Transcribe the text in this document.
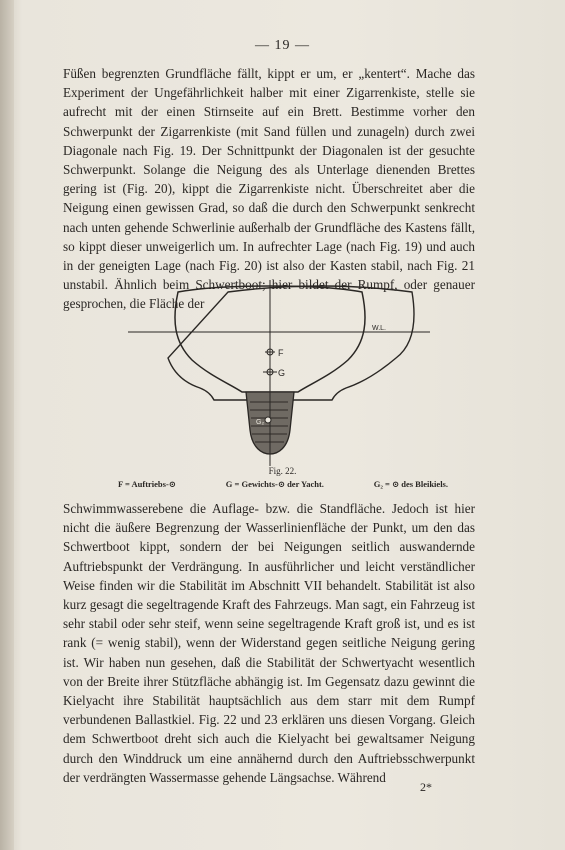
— 19 —

Füßen begrenzten Grundfläche fällt, kippt er um, er „kentert“. Mache das Experiment der Ungefährlichkeit halber mit einer Zigarrenkiste, stelle sie aufrecht mit der einen Stirnseite auf ein Brett. Bestimme vorher den Schwerpunkt der Zigarrenkiste (mit Sand füllen und zunageln) durch zwei Diagonale nach Fig. 19. Der Schnittpunkt der Diagonalen ist der gesuchte Schwerpunkt. Solange die Neigung des als Unterlage dienenden Brettes gering ist (Fig. 20), kippt die Zigarrenkiste nicht. Überschreitet aber die Neigung einen gewissen Grad, so daß die durch den Schwerpunkt senkrecht nach unten gehende Schwerlinie außerhalb der Grundfläche des Kastens fällt, so kippt dieser unweigerlich um. In aufrechter Lage (nach Fig. 19) und auch in der geneigten Lage (nach Fig. 20) ist also der Kasten stabil, nach Fig. 21 unstabil. Ähnlich beim Schwertboot; hier bildet der Rumpf, oder genauer gesprochen, die Fläche der

W.L.
F
G
G₂
Fig. 22.
F = Auftriebs-⊙	G = Gewichts-⊙ der Yacht.	G₂ = ⊙ des Bleikiels.

Schwimmwasserebene die Auflage- bzw. die Standfläche. Jedoch ist hier nicht die äußere Begrenzung der Wasserlinienfläche der Punkt, um den das Schwertboot kippt, sondern der bei Neigungen seitlich auswandernde Auftriebspunkt der Verdrängung. In ausführlicher und leicht verständlicher Weise finden wir die Stabilität im Abschnitt VII behandelt. Stabilität ist also kurz gesagt die segeltragende Kraft des Fahrzeugs. Man sagt, ein Fahrzeug ist sehr stabil oder sehr steif, wenn seine segeltragende Kraft groß ist, und es ist rank (= wenig stabil), wenn der Widerstand gegen seitliche Neigung gering ist. Wir haben nun gesehen, daß die Stabilität der Schwertyacht wesentlich von der Breite ihrer Stützfläche abhängig ist. Im Gegensatz dazu gewinnt die Kielyacht ihre Stabilität hauptsächlich aus dem starr mit dem Rumpf verbundenen Ballastkiel. Fig. 22 und 23 erklären uns diesen Vorgang. Gleich dem Schwertboot dreht sich auch die Kielyacht bei gewaltsamer Neigung durch den Winddruck um eine annähernd durch den Auftriebsschwerpunkt der verdrängten Wassermasse gehende Längsachse. Während

2*
